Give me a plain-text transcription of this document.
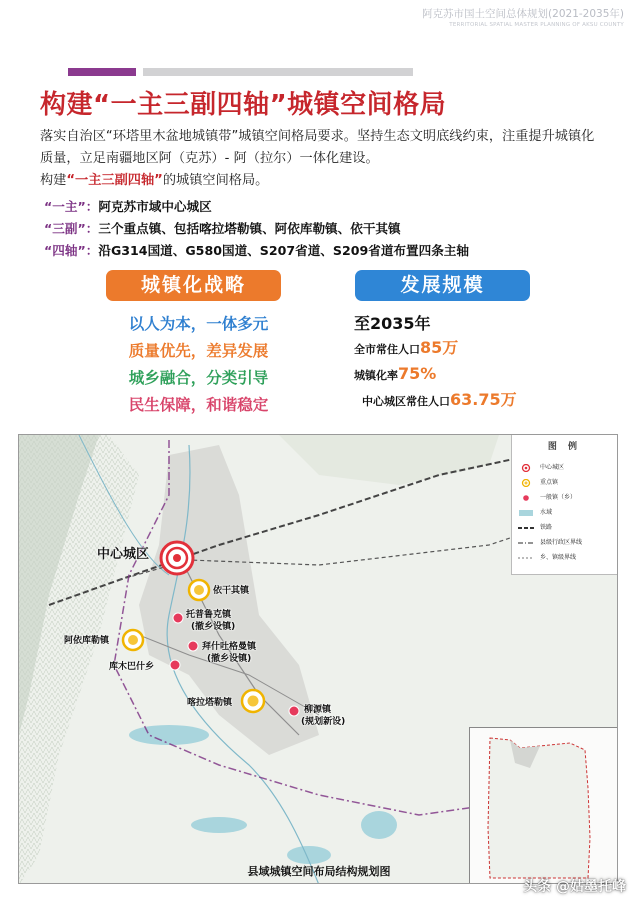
阿克苏市国土空间总体规划(2021-2035年)
TERRITORIAL SPATIAL MASTER PLANNING OF AKSU COUNTY
构建“一主三副四轴”城镇空间格局
落实自治区“环塔里木盆地城镇带”城镇空间格局要求。坚持生态文明底线约束，注重提升城镇化质量，立足南疆地区阿（克苏）- 阿（拉尔）一体化建设。
构建“一主三副四轴”的城镇空间格局。
“一主”：阿克苏市域中心城区
“三副”：三个重点镇、包括喀拉塔勒镇、阿依库勒镇、依干其镇
“四轴”：沿G314国道、G580国道、S207省道、S209省道布置四条主轴
城镇化战略	发展规模
以人为本，一体多元
质量优先，差异发展
城乡融合，分类引导
民生保障，和谐稳定
至2035年
全市常住人口85万
城镇化率75%
中心城区常住人口63.75万
中心城区
依干其镇
托普鲁克镇
(撤乡设镇)
阿依库勒镇
拜什吐格曼镇
(撤乡设镇)
库木巴什乡
喀拉塔勒镇
柳源镇
(规划新设)
图 例
中心城区
重点镇
一般镇（乡）
水域
铁路
县级行政区界线
乡、镇级界线
县域城镇空间布局结构规划图
头条 @姑墨托峰
